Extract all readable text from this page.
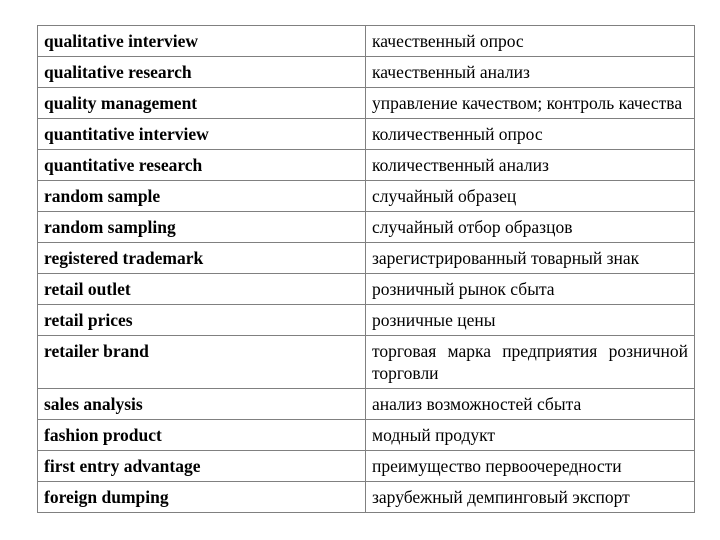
qualitative interview	качественный опрос
qualitative research	качественный анализ
quality management	управление качеством; контроль качества
quantitative interview	количественный опрос
quantitative research	количественный анализ
random sample	случайный образец
random sampling	случайный отбор образцов
registered trademark	зарегистрированный товарный знак
retail outlet	розничный рынок сбыта
retail prices	розничные цены
retailer brand	торговая марка предприятия розничной торговли
sales analysis	анализ возможностей сбыта
fashion product	модный продукт
first entry advantage	преимущество первоочередности
foreign dumping	зарубежный демпинговый экспорт
